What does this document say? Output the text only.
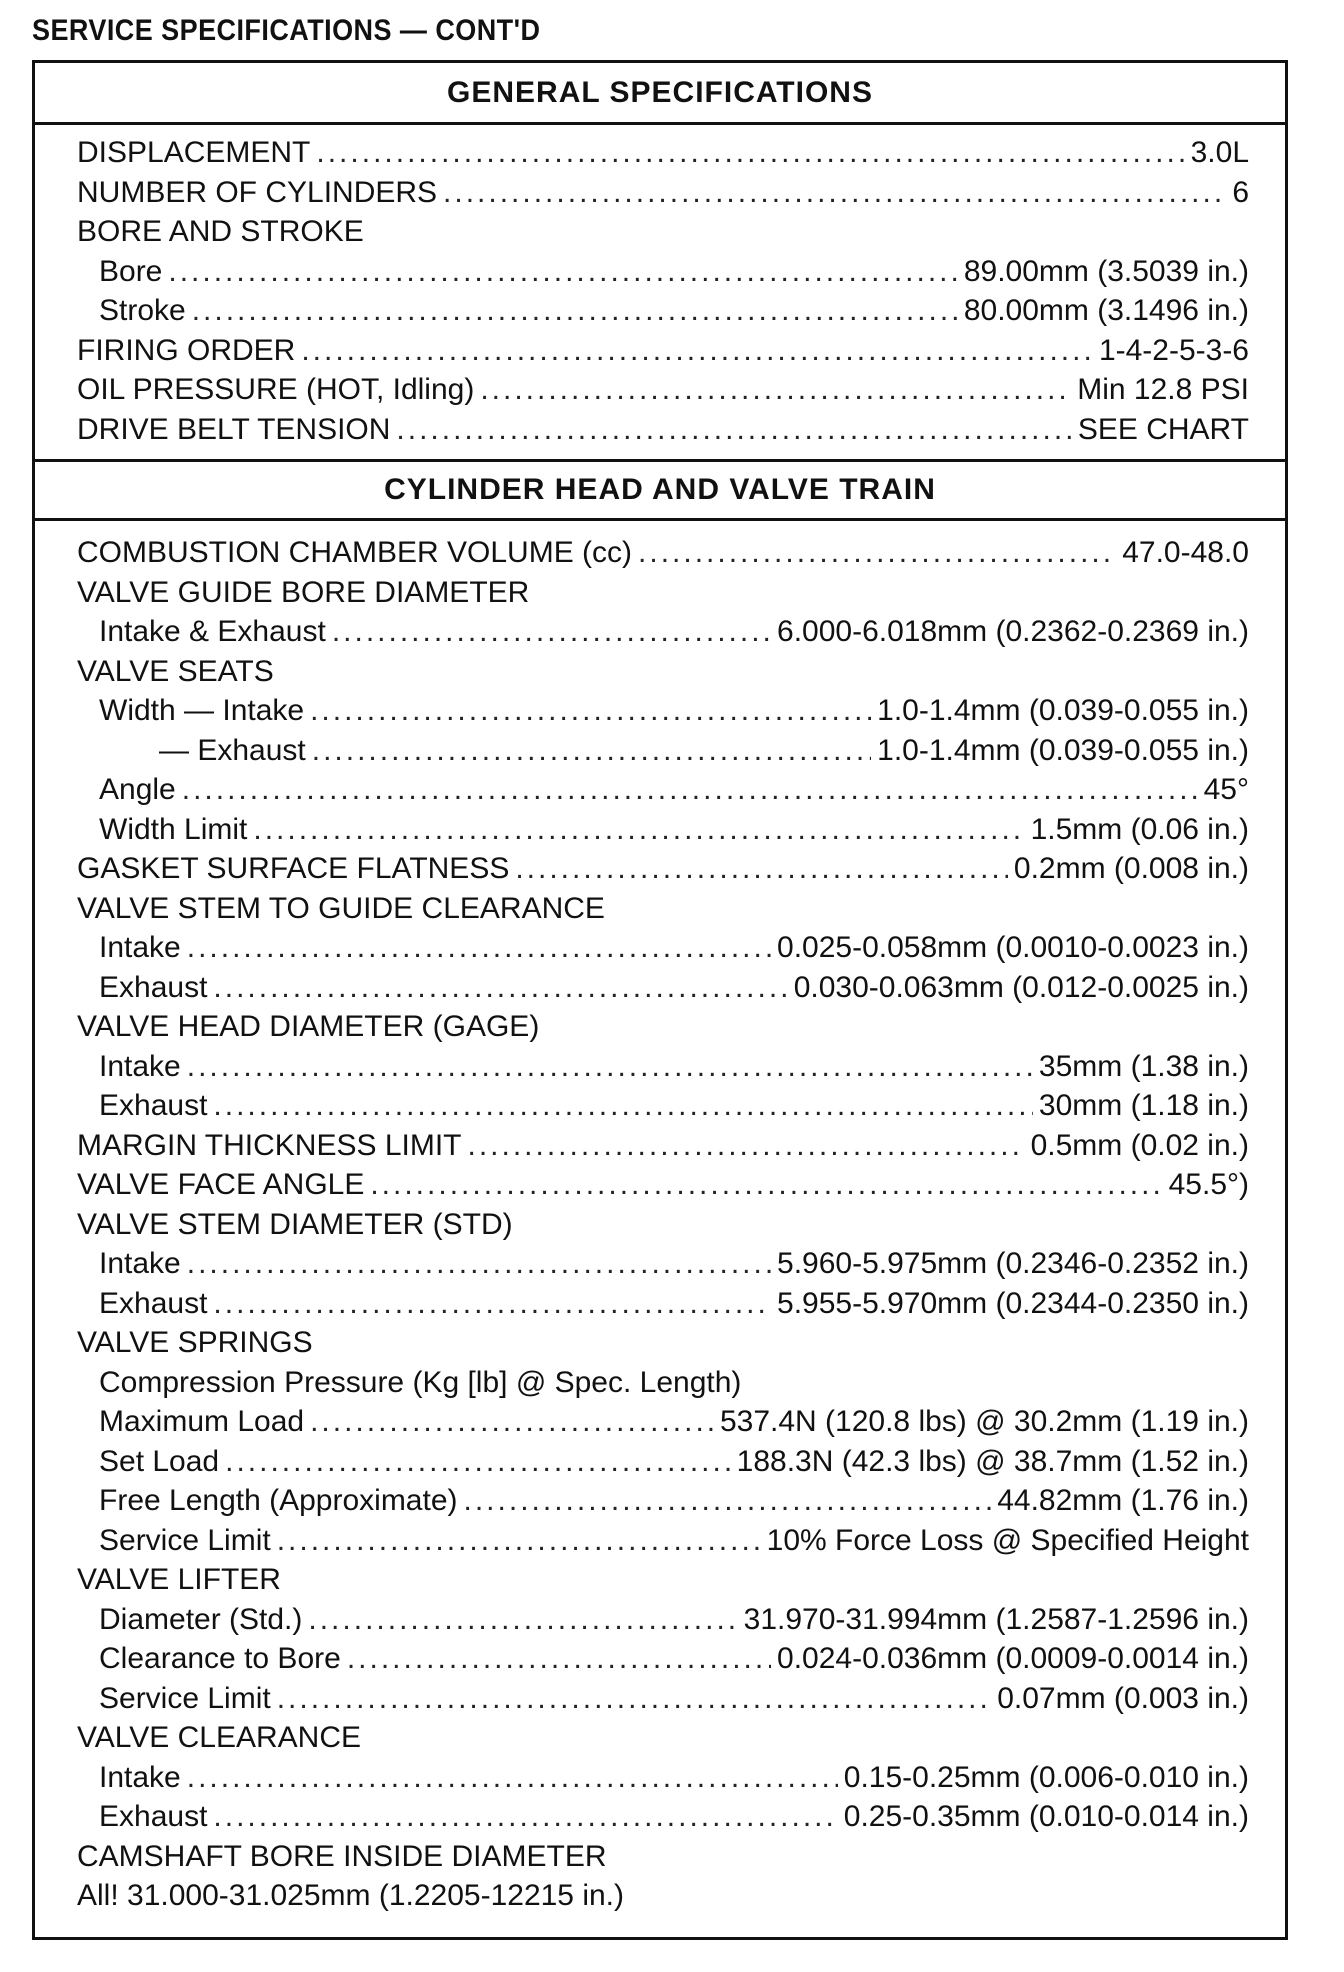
SERVICE SPECIFICATIONS — CONT'D
GENERAL SPECIFICATIONS
DISPLACEMENT .....	3.0L
NUMBER OF CYLINDERS .....	6
BORE AND STROKE
Bore .....	89.00mm (3.5039 in.)
Stroke .....	80.00mm (3.1496 in.)
FIRING ORDER .....	1-4-2-5-3-6
OIL PRESSURE (HOT, Idling) .....	Min 12.8 PSI
DRIVE BELT TENSION .....	SEE CHART
CYLINDER HEAD AND VALVE TRAIN
COMBUSTION CHAMBER VOLUME (cc) .....	47.0-48.0
VALVE GUIDE BORE DIAMETER
Intake & Exhaust .....	6.000-6.018mm (0.2362-0.2369 in.)
VALVE SEATS
Width — Intake .....	1.0-1.4mm (0.039-0.055 in.)
— Exhaust .....	1.0-1.4mm (0.039-0.055 in.)
Angle .....	45°
Width Limit .....	1.5mm (0.06 in.)
GASKET SURFACE FLATNESS .....	0.2mm (0.008 in.)
VALVE STEM TO GUIDE CLEARANCE
Intake .....	0.025-0.058mm (0.0010-0.0023 in.)
Exhaust .....	0.030-0.063mm (0.012-0.0025 in.)
VALVE HEAD DIAMETER (GAGE)
Intake .....	35mm (1.38 in.)
Exhaust .....	30mm (1.18 in.)
MARGIN THICKNESS LIMIT .....	0.5mm (0.02 in.)
VALVE FACE ANGLE .....	45.5°)
VALVE STEM DIAMETER (STD)
Intake .....	5.960-5.975mm (0.2346-0.2352 in.)
Exhaust .....	5.955-5.970mm (0.2344-0.2350 in.)
VALVE SPRINGS
Compression Pressure (Kg [lb] @ Spec. Length)
Maximum Load .....	537.4N (120.8 lbs) @ 30.2mm (1.19 in.)
Set Load .....	188.3N (42.3 lbs) @ 38.7mm (1.52 in.)
Free Length (Approximate) .....	44.82mm (1.76 in.)
Service Limit .....	10% Force Loss @ Specified Height
VALVE LIFTER
Diameter (Std.) .....	31.970-31.994mm (1.2587-1.2596 in.)
Clearance to Bore .....	0.024-0.036mm (0.0009-0.0014 in.)
Service Limit .....	0.07mm (0.003 in.)
VALVE CLEARANCE
Intake .....	0.15-0.25mm (0.006-0.010 in.)
Exhaust .....	0.25-0.35mm (0.010-0.014 in.)
CAMSHAFT BORE INSIDE DIAMETER
All! 31.000-31.025mm (1.2205-12215 in.)
